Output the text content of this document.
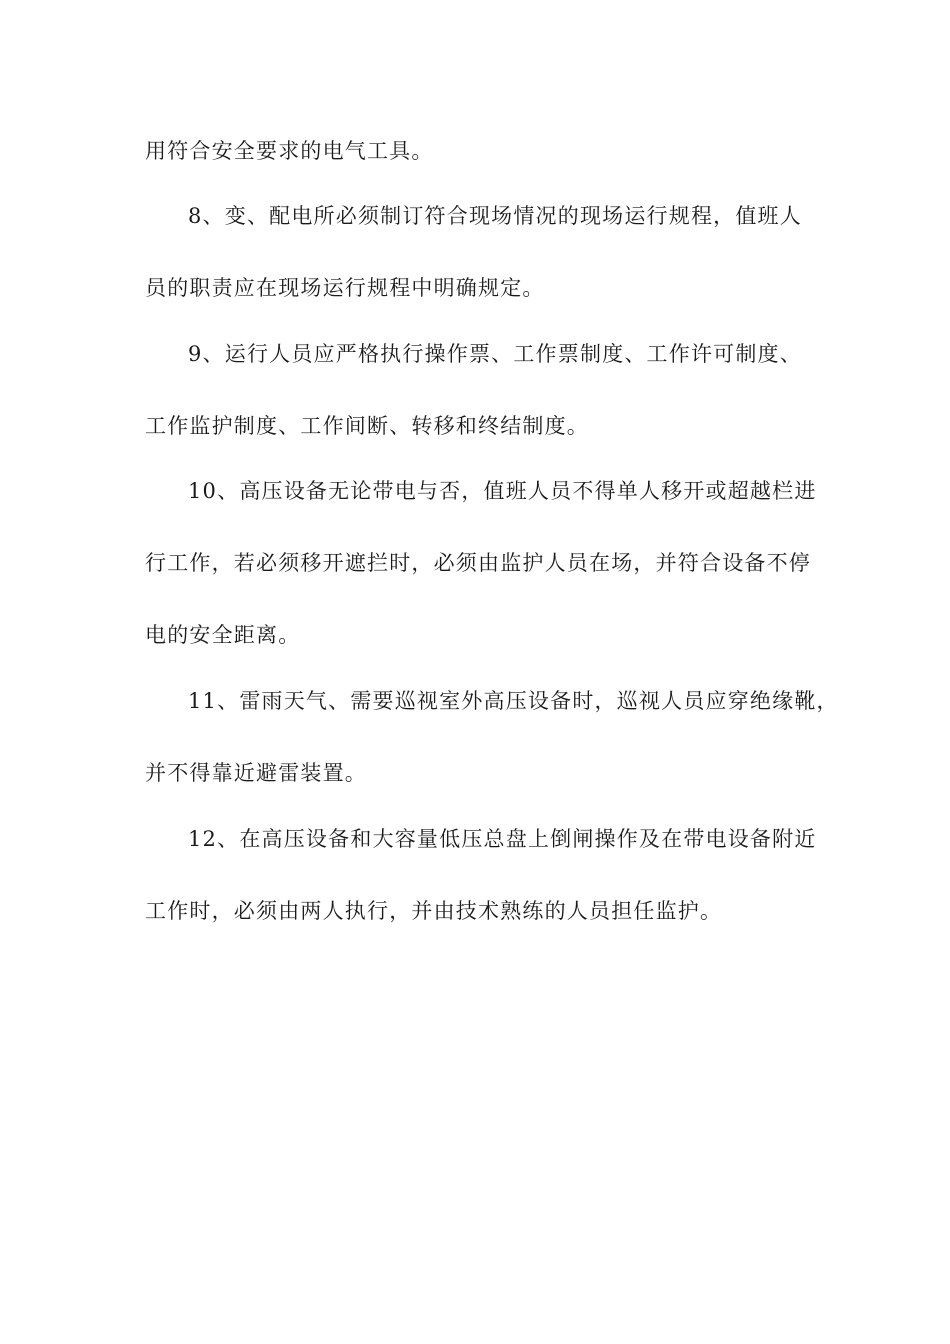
用符合安全要求的电气工具。
8、变、配电所必须制订符合现场情况的现场运行规程，值班人
员的职责应在现场运行规程中明确规定。
9、运行人员应严格执行操作票、工作票制度、工作许可制度、
工作监护制度、工作间断、转移和终结制度。
10、高压设备无论带电与否，值班人员不得单人移开或超越栏进
行工作，若必须移开遮拦时，必须由监护人员在场，并符合设备不停
电的安全距离。
11、雷雨天气、需要巡视室外高压设备时，巡视人员应穿绝缘靴，
并不得靠近避雷装置。
12、在高压设备和大容量低压总盘上倒闸操作及在带电设备附近
工作时，必须由两人执行，并由技术熟练的人员担任监护。
